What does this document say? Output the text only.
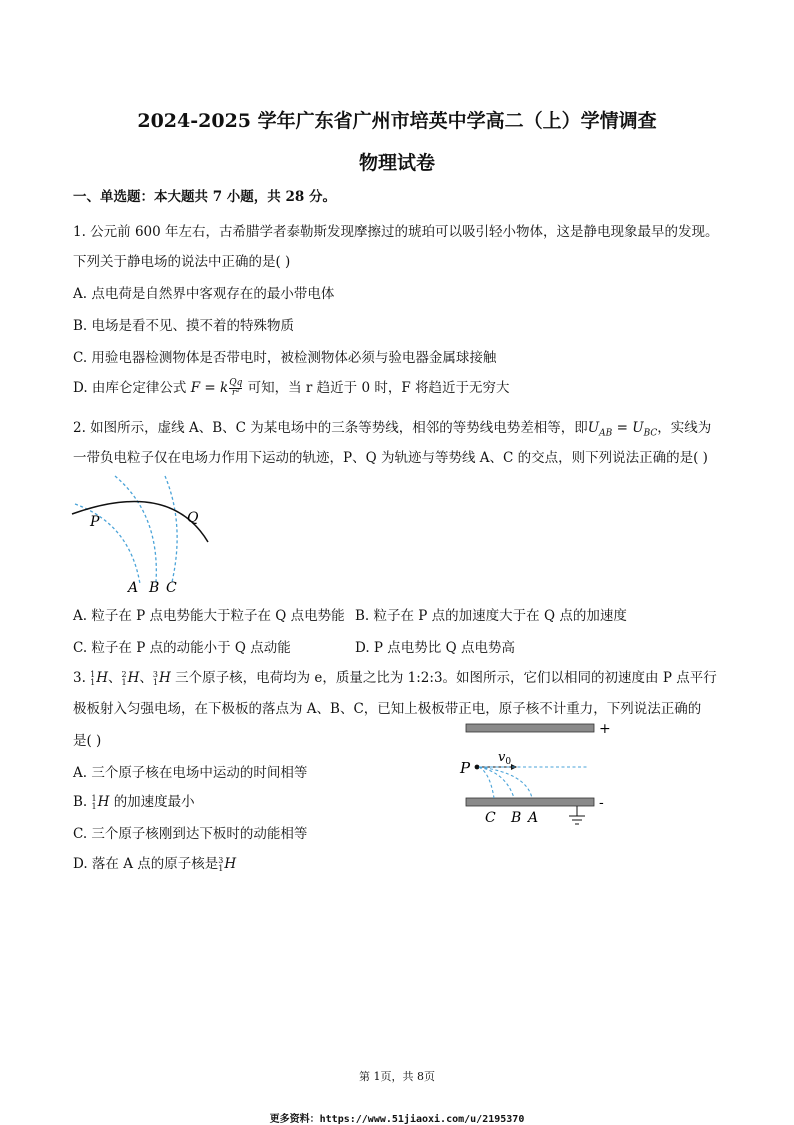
2024-2025 学年广东省广州市培英中学高二（上）学情调查
物理试卷
一、单选题：本大题共 7 小题，共 28 分。
1. 公元前 600 年左右，古希腊学者泰勒斯发现摩擦过的琥珀可以吸引轻小物体，这是静电现象最早的发现。
下列关于静电场的说法中正确的是( )
A. 点电荷是自然界中客观存在的最小带电体
B. 电场是看不见、摸不着的特殊物质
C. 用验电器检测物体是否带电时，被检测物体必须与验电器金属球接触
D. 由库仑定律公式 F = k $\frac{Qq}{\text{r²}}$ 可知，当 r 趋近于 0 时，F 将趋近于无穷大
2. 如图所示，虚线 A、B、C 为某电场中的三条等势线，相邻的等势线电势差相等，即$U_{AB} = U_{BC}$，实线为
一带负电粒子仅在电场力作用下运动的轨迹，P、Q 为轨迹与等势线 A、C 的交点，则下列说法正确的是( )
P	Q
A B C
A. 粒子在 P 点电势能大于粒子在 Q 点电势能 B. 粒子在 P 点的加速度大于在 Q 点的加速度
C. 粒子在 P 点的动能小于 Q 点动能	D. P 点电势比 Q 点电势高
3. 1
1 H、 2
1 H、 3
1 H 三个原子核，电荷均为 e，质量之比为 1:2:3。如图所示，它们以相同的初速度由 P 点平行
极板射入匀强电场，在下极板的落点为 A、B、C，已知上极板带正电，原子核不计重力，下列说法正确的
是( )
A. 三个原子核在电场中运动的时间相等
B. 1
1 H 的加速度最小
C. 三个原子核刚到达下板时的动能相等
D. 落在 A 点的原子核是 3
1 H
+
-
P
$v_0$
C B A
第 1页，共 8页
更多资料：https://www.51jiaoxi.com/u/2195370
